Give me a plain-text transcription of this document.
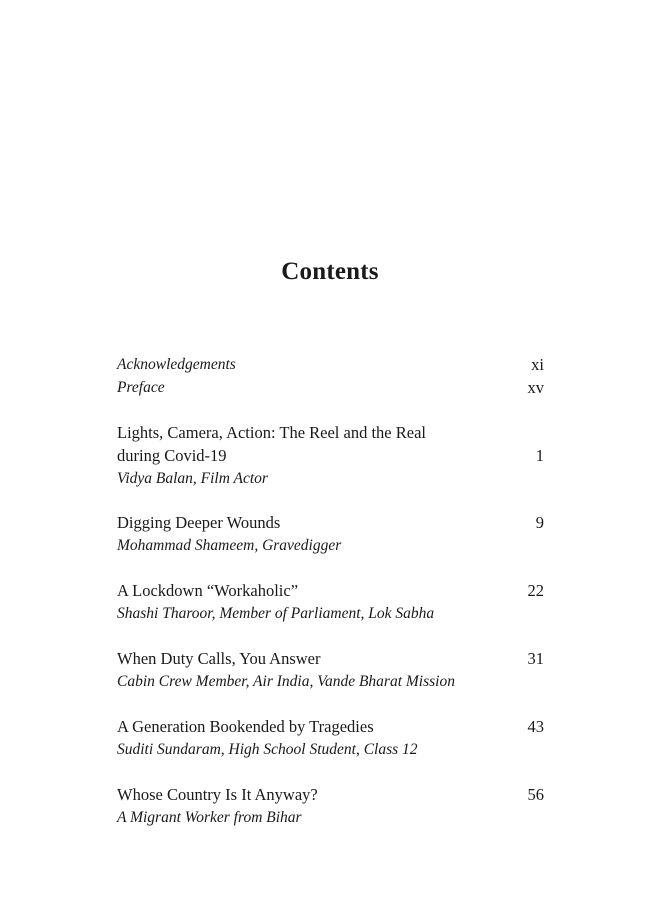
Contents
Acknowledgements	xi
Preface	xv
Lights, Camera, Action: The Reel and the Real
during Covid-19	1
Vidya Balan, Film Actor
Digging Deeper Wounds	9
Mohammad Shameem, Gravedigger
A Lockdown “Workaholic”	22
Shashi Tharoor, Member of Parliament, Lok Sabha
When Duty Calls, You Answer	31
Cabin Crew Member, Air India, Vande Bharat Mission
A Generation Bookended by Tragedies	43
Suditi Sundaram, High School Student, Class 12
Whose Country Is It Anyway?	56
A Migrant Worker from Bihar
